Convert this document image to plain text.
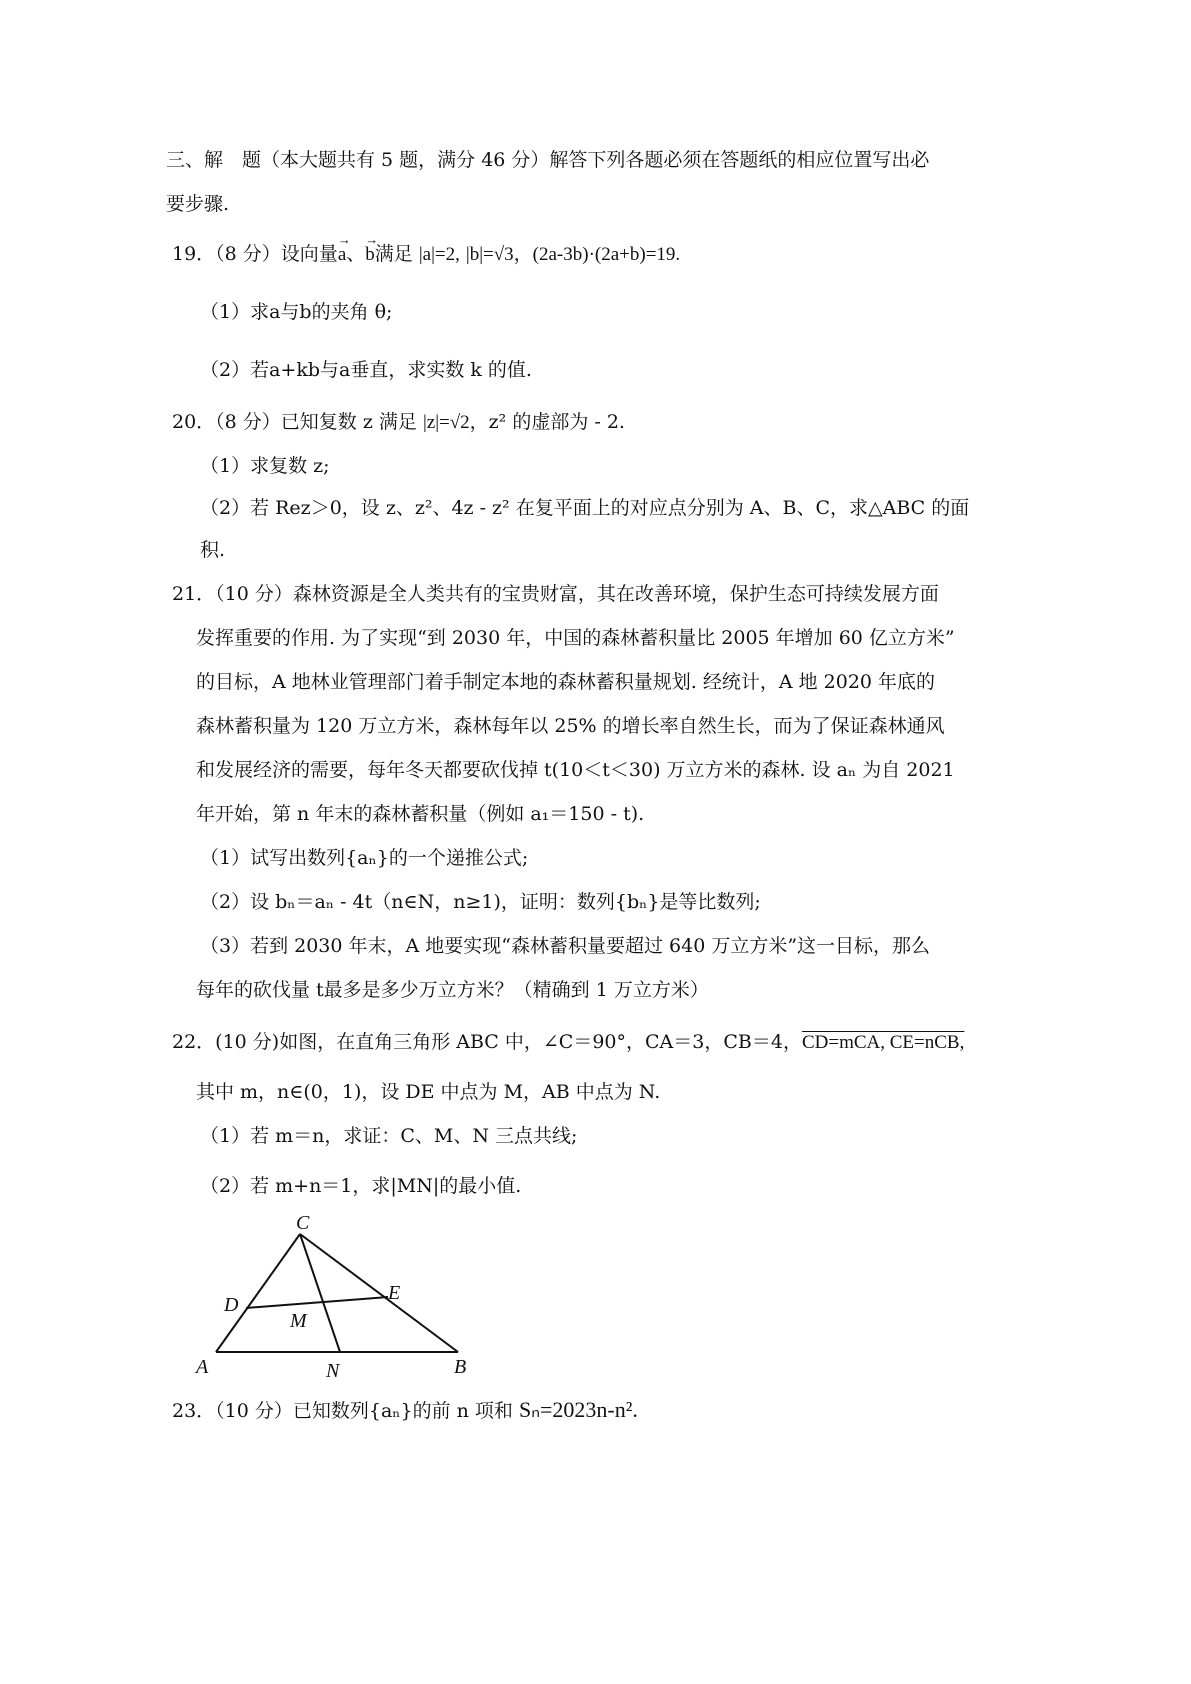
三、解　题（本大题共有 5 题，满分 46 分）解答下列各题必须在答题纸的相应位置写出必
要步骤.
19．（8 分）设向量→ a、→ b满足 |a|=2, |b|=√3，(2a-3b)·(2a+b)=19.
（1）求a与b的夹角 θ;
（2）若a+kb与a垂直，求实数 k 的值.
20．（8 分）已知复数 z 满足 |z|=√2，z² 的虚部为 - 2.
（1）求复数 z;
（2）若 Rez＞0，设 z、z²、4z - z² 在复平面上的对应点分别为 A、B、C，求△ABC 的面
积.
21．（10 分）森林资源是全人类共有的宝贵财富，其在改善环境，保护生态可持续发展方面
发挥重要的作用. 为了实现“到 2030 年，中国的森林蓄积量比 2005 年增加 60 亿立方米”
的目标，A 地林业管理部门着手制定本地的森林蓄积量规划. 经统计，A 地 2020 年底的
森林蓄积量为 120 万立方米，森林每年以 25% 的增长率自然生长，而为了保证森林通风
和发展经济的需要，每年冬天都要砍伐掉 t(10＜t＜30) 万立方米的森林. 设 aₙ 为自 2021
年开始，第 n 年末的森林蓄积量（例如 a₁＝150 - t).
（1）试写出数列{aₙ}的一个递推公式;
（2）设 bₙ＝aₙ - 4t（n∈N，n≥1)，证明：数列{bₙ}是等比数列;
（3）若到 2030 年末，A 地要实现“森林蓄积量要超过 640 万立方米”这一目标，那么
每年的砍伐量 t最多是多少万立方米？（精确到 1 万立方米）
22．(10 分)如图，在直角三角形 ABC 中，∠C＝90°，CA＝3，CB＝4，CD=mCA, CE=nCB,
其中 m，n∈(0，1)，设 DE 中点为 M，AB 中点为 N.
（1）若 m＝n，求证：C、M、N 三点共线;
（2）若 m+n＝1，求|MN|的最小值.
C
D
E
M
A	N	B
23．（10 分）已知数列{aₙ}的前 n 项和 Sₙ=2023n-n².
